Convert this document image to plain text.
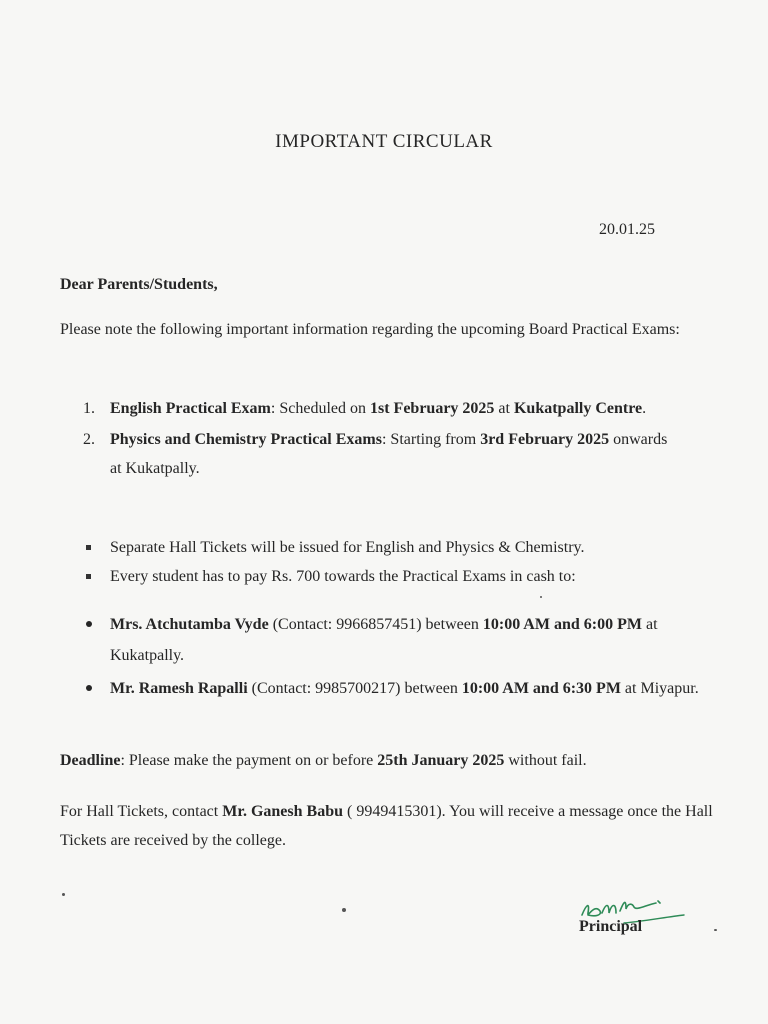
IMPORTANT CIRCULAR
20.01.25
Dear Parents/Students,
Please note the following important information regarding the upcoming Board Practical Exams:
1. English Practical Exam: Scheduled on 1st February 2025 at Kukatpally Centre.
2. Physics and Chemistry Practical Exams: Starting from 3rd February 2025 onwards at Kukatpally.
Separate Hall Tickets will be issued for English and Physics & Chemistry.
Every student has to pay Rs. 700 towards the Practical Exams in cash to:
Mrs. Atchutamba Vyde (Contact: 9966857451) between 10:00 AM and 6:00 PM at Kukatpally.
Mr. Ramesh Rapalli (Contact: 9985700217) between 10:00 AM and 6:30 PM at Miyapur.
Deadline: Please make the payment on or before 25th January 2025 without fail.
For Hall Tickets, contact Mr. Ganesh Babu ( 9949415301). You will receive a message once the Hall Tickets are received by the college.
Principal
